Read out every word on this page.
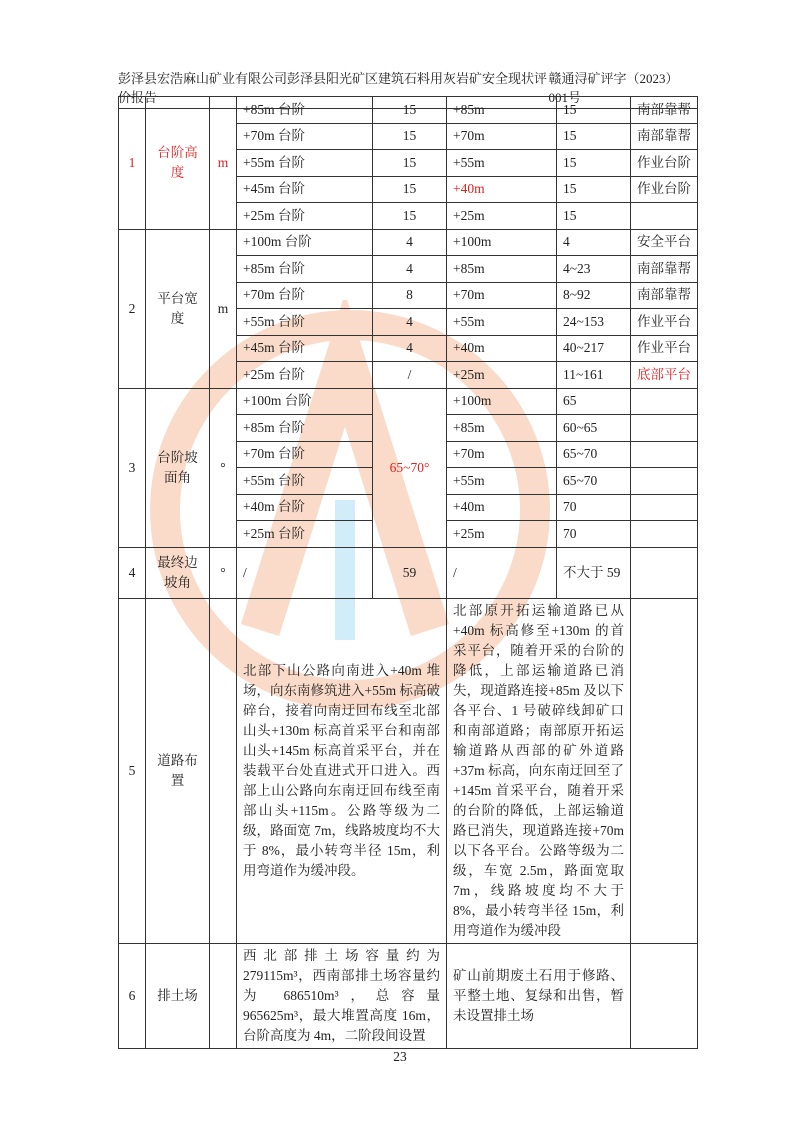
彭泽县宏浩麻山矿业有限公司彭泽县阳光矿区建筑石料用灰岩矿安全现状评价报告
赣通浔矿评字（2023）001号
1	台阶高度	m	+85m 台阶	15	+85m	15	南部靠帮
			+70m 台阶	15	+70m	15	南部靠帮
			+55m 台阶	15	+55m	15	作业台阶
			+45m 台阶	15	+40m	15	作业台阶
			+25m 台阶	15	+25m	15	
2	平台宽度	m	+100m 台阶	4	+100m	4	安全平台
			+85m 台阶	4	+85m	4~23	南部靠帮
			+70m 台阶	8	+70m	8~92	南部靠帮
			+55m 台阶	4	+55m	24~153	作业平台
			+45m 台阶	4	+40m	40~217	作业平台
			+25m 台阶	/	+25m	11~161	底部平台
3	台阶坡面角	°	+100m 台阶	65~70°	+100m	65	
			+85m 台阶		+85m	60~65	
			+70m 台阶		+70m	65~70	
			+55m 台阶		+55m	65~70	
			+40m 台阶		+40m	70	
			+25m 台阶		+25m	70	
4	最终边坡角	°	/	59	/	不大于 59	
5	道路布置		北部下山公路向南进入+40m 堆场，向东南修筑进入+55m 标高破碎台，接着向南迂回布线至北部山头+130m 标高首采平台和南部山头+145m 标高首采平台，并在装载平台处直进式开口进入。西部上山公路向东南迂回布线至南部山头+115m。公路等级为二级，路面宽 7m，线路坡度均不大于 8%，最小转弯半径 15m，利用弯道作为缓冲段。		北部原开拓运输道路已从+40m 标高修至+130m 的首采平台，随着开采的台阶的降低，上部运输道路已消失，现道路连接+85m 及以下各平台、1 号破碎线卸矿口和南部道路；南部原开拓运输道路从西部的矿外道路+37m 标高，向东南迂回至了+145m 首采平台，随着开采的台阶的降低，上部运输道路已消失，现道路连接+70m 以下各平台。公路等级为二级，车宽 2.5m，路面宽取 7m，线路坡度均不大于 8%，最小转弯半径 15m，利用弯道作为缓冲段		
6	排土场		西北部排土场容量约为 279115m³，西南部排土场容量约为 686510m³，总容量 965625m³，最大堆置高度 16m，台阶高度为 4m，二阶段间设置		矿山前期废土石用于修路、平整土地、复绿和出售，暂未设置排土场		
23
